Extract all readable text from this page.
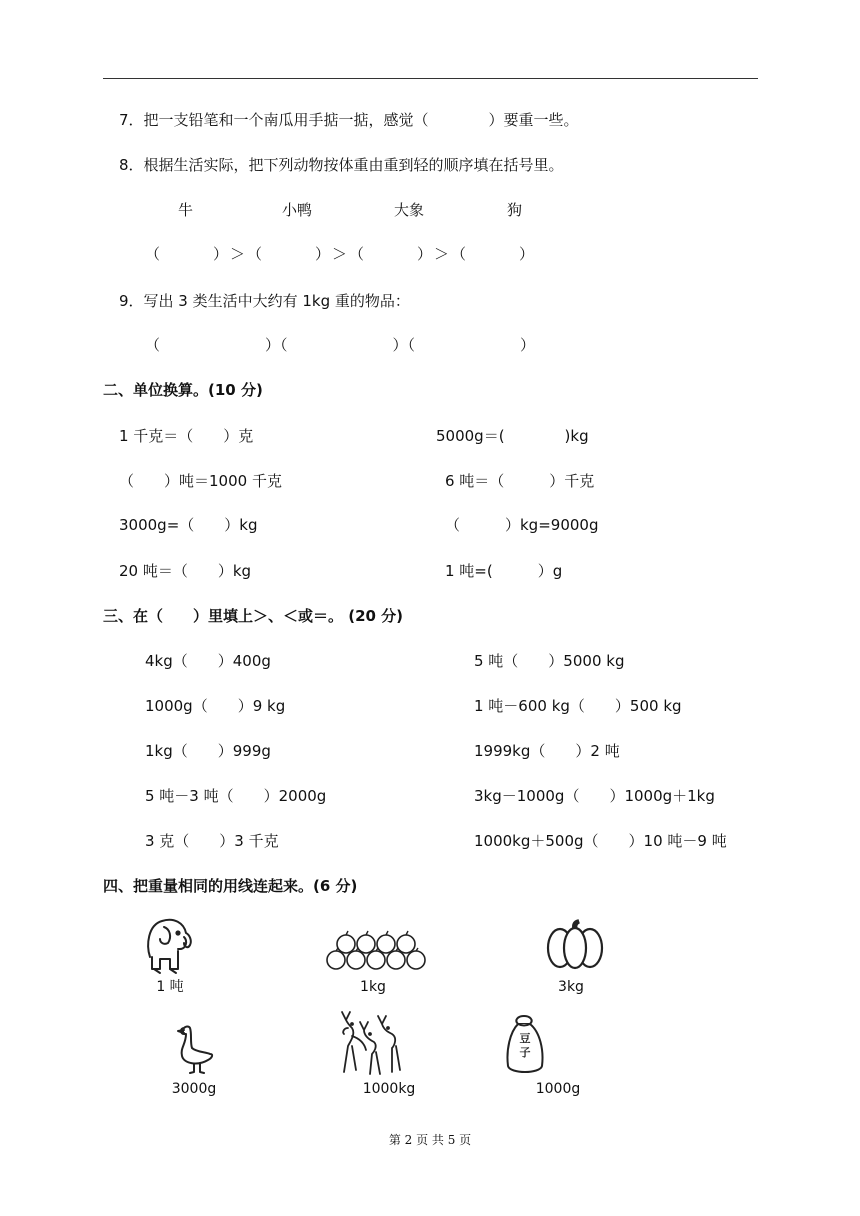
7．把一支铅笔和一个南瓜用手掂一掂，感觉（　　　　）要重一些。
8．根据生活实际，把下列动物按体重由重到轻的顺序填在括号里。
牛	小鸭	大象	狗
（　　　）＞（　　　）＞（　　　）＞（　　　）
9．写出 3 类生活中大约有 1kg 重的物品：
（　　　　　　　）（　　　　　　　）（　　　　　　　）
二、单位换算。(10 分)
1 千克＝（　　）克	5000g＝(　　　　)kg
（　　）吨＝1000 千克	6 吨＝（　　　）千克
3000g=（　　）kg	（　　　）kg=9000g
20 吨＝（　　）kg	1 吨=(　　　）g
三、在（　　）里填上＞、＜或＝。 (20 分)
4kg（　　）400g	5 吨（　　）5000 kg
1000g（　　）9 kg	1 吨－600 kg（　　）500 kg
1kg（　　）999g	1999kg（　　）2 吨
5 吨－3 吨（　　）2000g	3kg－1000g（　　）1000g＋1kg
3 克（　　）3 千克	1000kg＋500g（　　）10 吨－9 吨
四、把重量相同的用线连起来。(6 分)
1 吨	1kg	3kg
3000g	1000kg
豆子
1000g
第 2 页 共 5 页
